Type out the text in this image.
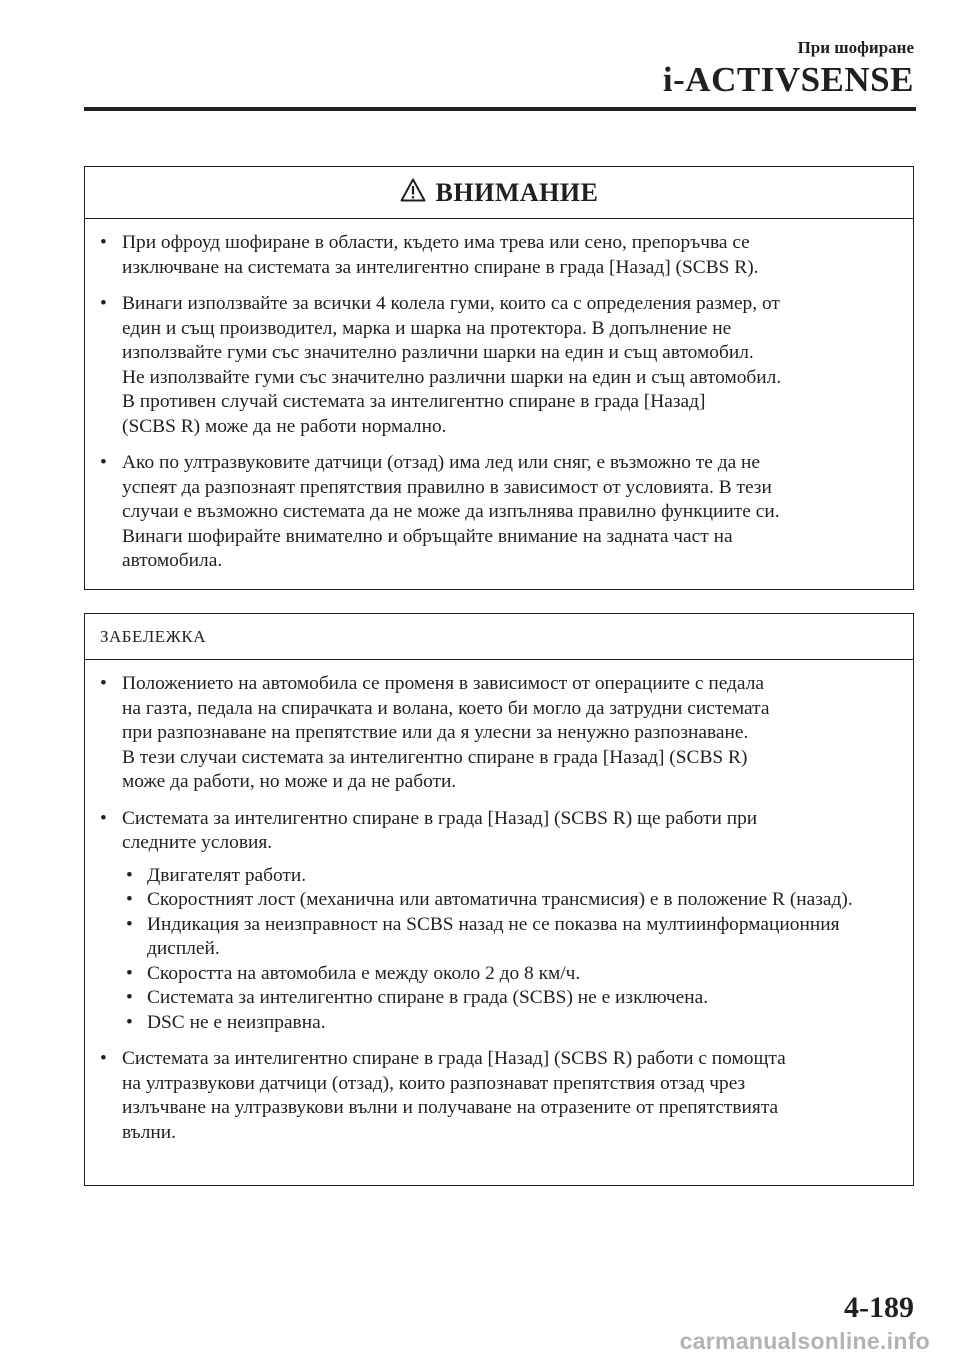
При шофиране
i-ACTIVSENSE
ВНИМАНИЕ
• При офроуд шофиране в области, където има трева или сено, препоръчва се
изключване на системата за интелигентно спиране в града [Назад] (SCBS R).
• Винаги използвайте за всички 4 колела гуми, които са с определения размер, от
един и същ производител, марка и шарка на протектора. В допълнение не
използвайте гуми със значително различни шарки на един и същ автомобил.
Не използвайте гуми със значително различни шарки на един и същ автомобил.
В противен случай системата за интелигентно спиране в града [Назад]
(SCBS R) може да не работи нормално.
• Ако по ултразвуковите датчици (отзад) има лед или сняг, е възможно те да не
успеят да разпознаят препятствия правилно в зависимост от условията. В тези
случаи е възможно системата да не може да изпълнява правилно функциите си.
Винаги шофирайте внимателно и обръщайте внимание на задната част на
автомобила.
ЗАБЕЛЕЖКА
• Положението на автомобила се променя в зависимост от операциите с педала
на газта, педала на спирачката и волана, което би могло да затрудни системата
при разпознаване на препятствие или да я улесни за ненужно разпознаване.
В тези случаи системата за интелигентно спиране в града [Назад] (SCBS R)
може да работи, но може и да не работи.
• Системата за интелигентно спиране в града [Назад] (SCBS R) ще работи при
следните условия.
• Двигателят работи.
• Скоростният лост (механична или автоматична трансмисия) е в положение R (назад).
• Индикация за неизправност на SCBS назад не се показва на мултиинформационния дисплей.
• Скоростта на автомобила е между около 2 до 8 км/ч.
• Системата за интелигентно спиране в града (SCBS) не е изключена.
• DSC не е неизправна.
• Системата за интелигентно спиране в града [Назад] (SCBS R) работи с помощта
на ултразвукови датчици (отзад), които разпознават препятствия отзад чрез
излъчване на ултразвукови вълни и получаване на отразените от препятствията
вълни.
4-189
carmanualsonline.info
